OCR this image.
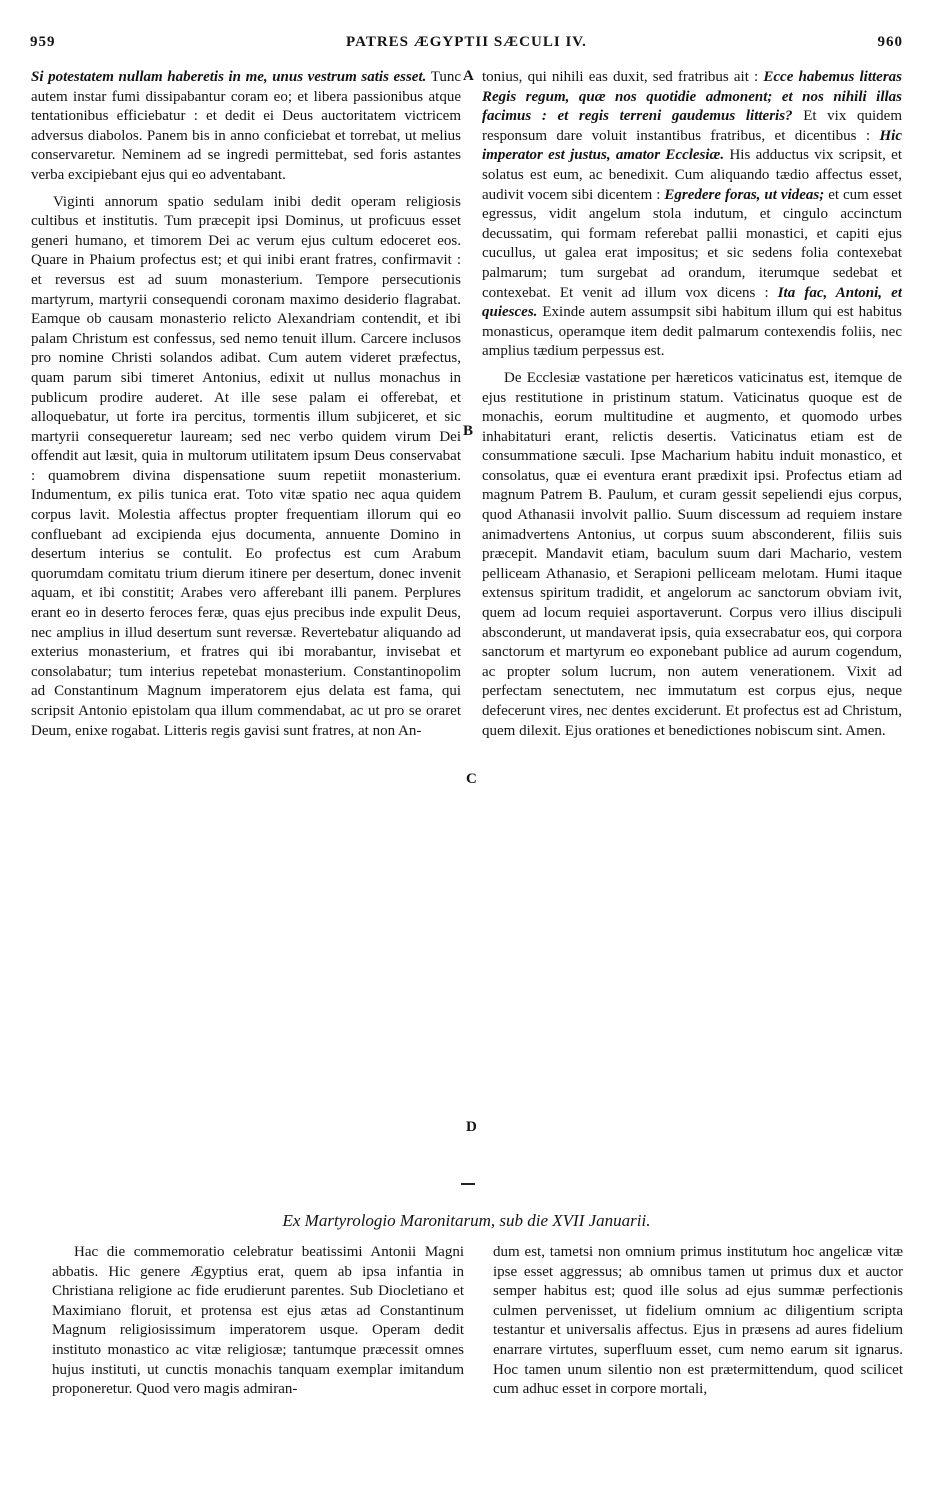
959	PATRES ÆGYPTII SÆCULI IV.	960

Si potestatem nullam haberetis in me, unus vestrum satis esset. Tunc autem instar fumi dissipabantur coram eo; et libera passionibus atque tentationibus efficiebatur : et dedit ei Deus auctoritatem victricem adversus diabolos. Panem bis in anno conficiebat et torrebat, ut melius conservaretur. Neminem ad se ingredi permittebat, sed foris astantes verba excipiebant ejus qui eo adventabant.

Viginti annorum spatio sedulam inibi dedit operam religiosis cultibus et institutis. Tum præcepit ipsi Dominus, ut proficuus esset generi humano, et timorem Dei ac verum ejus cultum edoceret eos. Quare in Phaium profectus est; et qui inibi erant fratres, confirmavit : et reversus est ad suum monasterium. Tempore persecutionis martyrum, martyrii consequendi coronam maximo desiderio flagrabat. Eamque ob causam monasterio relicto Alexandriam contendit, et ibi palam Christum est confessus, sed nemo tenuit illum. Carcere inclusos pro nomine Christi solandos adibat. Cum autem videret præfectus, quam parum sibi timeret Antonius, edixit ut nullus monachus in publicum prodire auderet. At ille sese palam ei offerebat, et alloquebatur, ut forte ira percitus, tormentis illum subjiceret, et sic martyrii consequeretur lauream; sed nec verbo quidem virum Dei offendit aut læsit, quia in multorum utilitatem ipsum Deus conservabat : quamobrem divina dispensatione suum repetiit monasterium. Indumentum, ex pilis tunica erat. Toto vitæ spatio nec aqua quidem corpus lavit. Molestia affectus propter frequentiam illorum qui eo confluebant ad excipienda ejus documenta, annuente Domino in desertum interius se contulit. Eo profectus est cum Arabum quorumdam comitatu trium dierum itinere per desertum, donec invenit aquam, et ibi constitit; Arabes vero afferebant illi panem. Perplures erant eo in deserto feroces feræ, quas ejus precibus inde expulit Deus, nec amplius in illud desertum sunt reversæ. Revertebatur aliquando ad exterius monasterium, et fratres qui ibi morabantur, invisebat et consolabatur; tum interius repetebat monasterium. Constantinopolim ad Constantinum Magnum imperatorem ejus delata est fama, qui scripsit Antonio epistolam qua illum commendabat, ac ut pro se oraret Deum, enixe rogabat. Litteris regis gavisi sunt fratres, at non An-

A
B
C
D

tonius, qui nihili eas duxit, sed fratribus ait : Ecce habemus litteras Regis regum, quæ nos quotidie admonent; et nos nihili illas facimus : et regis terreni gaudemus litteris? Et vix quidem responsum dare voluit instantibus fratribus, et dicentibus : Hic imperator est justus, amator Ecclesiæ. His adductus vix scripsit, et solatus est eum, ac benedixit. Cum aliquando tædio affectus esset, audivit vocem sibi dicentem : Egredere foras, ut videas; et cum esset egressus, vidit angelum stola indutum, et cingulo accinctum decussatim, qui formam referebat pallii monastici, et capiti ejus cucullus, ut galea erat impositus; et sic sedens folia contexebat palmarum; tum surgebat ad orandum, iterumque sedebat et contexebat. Et venit ad illum vox dicens : Ita fac, Antoni, et quiesces. Exinde autem assumpsit sibi habitum illum qui est habitus monasticus, operamque item dedit palmarum contexendis foliis, nec amplius tædium perpessus est.

De Ecclesiæ vastatione per hæreticos vaticinatus est, itemque de ejus restitutione in pristinum statum. Vaticinatus quoque est de monachis, eorum multitudine et augmento, et quomodo urbes inhabitaturi erant, relictis desertis. Vaticinatus etiam est de consummatione sæculi. Ipse Macharium habitu induit monastico, et consolatus, quæ ei eventura erant prædixit ipsi. Profectus etiam ad magnum Patrem B. Paulum, et curam gessit sepeliendi ejus corpus, quod Athanasii involvit pallio. Suum discessum ad requiem instare animadvertens Antonius, ut corpus suum absconderent, filiis suis præcepit. Mandavit etiam, baculum suum dari Machario, vestem pelliceam Athanasio, et Serapioni pelliceam melotam. Humi itaque extensus spiritum tradidit, et angelorum ac sanctorum obviam ivit, quem ad locum requiei asportaverunt. Corpus vero illius discipuli absconderunt, ut mandaverat ipsis, quia exsecrabatur eos, qui corpora sanctorum et martyrum eo exponebant publice ad aurum cogendum, ac propter solum lucrum, non autem venerationem. Vixit ad perfectam senectutem, nec immutatum est corpus ejus, neque defecerunt vires, nec dentes exciderunt. Et profectus est ad Christum, quem dilexit. Ejus orationes et benedictiones nobiscum sint. Amen.

Ex Martyrologio Maronitarum, sub die XVII Januarii.

Hac die commemoratio celebratur beatissimi Antonii Magni abbatis. Hic genere Ægyptius erat, quem ab ipsa infantia in Christiana religione ac fide erudierunt parentes. Sub Diocletiano et Maximiano floruit, et protensa est ejus ætas ad Constantinum Magnum religiosissimum imperatorem usque. Operam dedit instituto monastico ac vitæ religiosæ; tantumque præcessit omnes hujus instituti, ut cunctis monachis tanquam exemplar imitandum proponeretur. Quod vero magis admiran-

dum est, tametsi non omnium primus institutum hoc angelicæ vitæ ipse esset aggressus; ab omnibus tamen ut primus dux et auctor semper habitus est; quod ille solus ad ejus summæ perfectionis culmen pervenisset, ut fidelium omnium ac diligentium scripta testantur et universalis affectus. Ejus in præsens ad aures fidelium enarrare virtutes, superfluum esset, cum nemo earum sit ignarus. Hoc tamen unum silentio non est prætermittendum, quod scilicet cum adhuc esset in corpore mortali,
